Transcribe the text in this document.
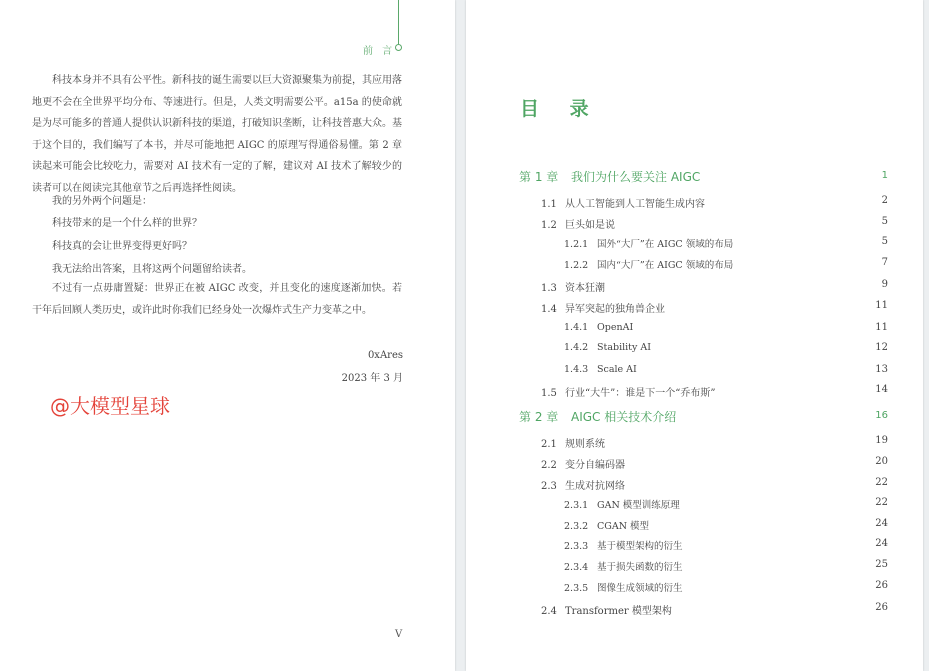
前 言

科技本身并不具有公平性。新科技的诞生需要以巨大资源聚集为前提，其应用落地更不会在全世界平均分布、等速进行。但是，人类文明需要公平。a15a 的使命就是为尽可能多的普通人提供认识新科技的渠道，打破知识垄断，让科技普惠大众。基于这个目的，我们编写了本书，并尽可能地把 AIGC 的原理写得通俗易懂。第 2 章读起来可能会比较吃力，需要对 AI 技术有一定的了解，建议对 AI 技术了解较少的读者可以在阅读完其他章节之后再选择性阅读。

我的另外两个问题是：
科技带来的是一个什么样的世界？
科技真的会让世界变得更好吗？
我无法给出答案，且将这两个问题留给读者。

不过有一点毋庸置疑：世界正在被 AIGC 改变，并且变化的速度逐渐加快。若干年后回顾人类历史，或许此时你我们已经身处一次爆炸式生产力变革之中。

0xAres
2023 年 3 月
@大模型星球
V
目 录
第 1 章 我们为什么要关注 AIGC	1
1.1 从人工智能到人工智能生成内容	2
1.2 巨头如是说	5
1.2.1 国外“大厂”在 AIGC 领域的布局	5
1.2.2 国内“大厂”在 AIGC 领域的布局	7
1.3 资本狂潮	9
1.4 异军突起的独角兽企业	11
1.4.1 OpenAI	11
1.4.2 Stability AI	12
1.4.3 Scale AI	13
1.5 行业“大牛”：谁是下一个“乔布斯”	14
第 2 章 AIGC 相关技术介绍	16
2.1 规则系统	19
2.2 变分自编码器	20
2.3 生成对抗网络	22
2.3.1 GAN 模型训练原理	22
2.3.2 CGAN 模型	24
2.3.3 基于模型架构的衍生	24
2.3.4 基于损失函数的衍生	25
2.3.5 图像生成领域的衍生	26
2.4 Transformer 模型架构	26
